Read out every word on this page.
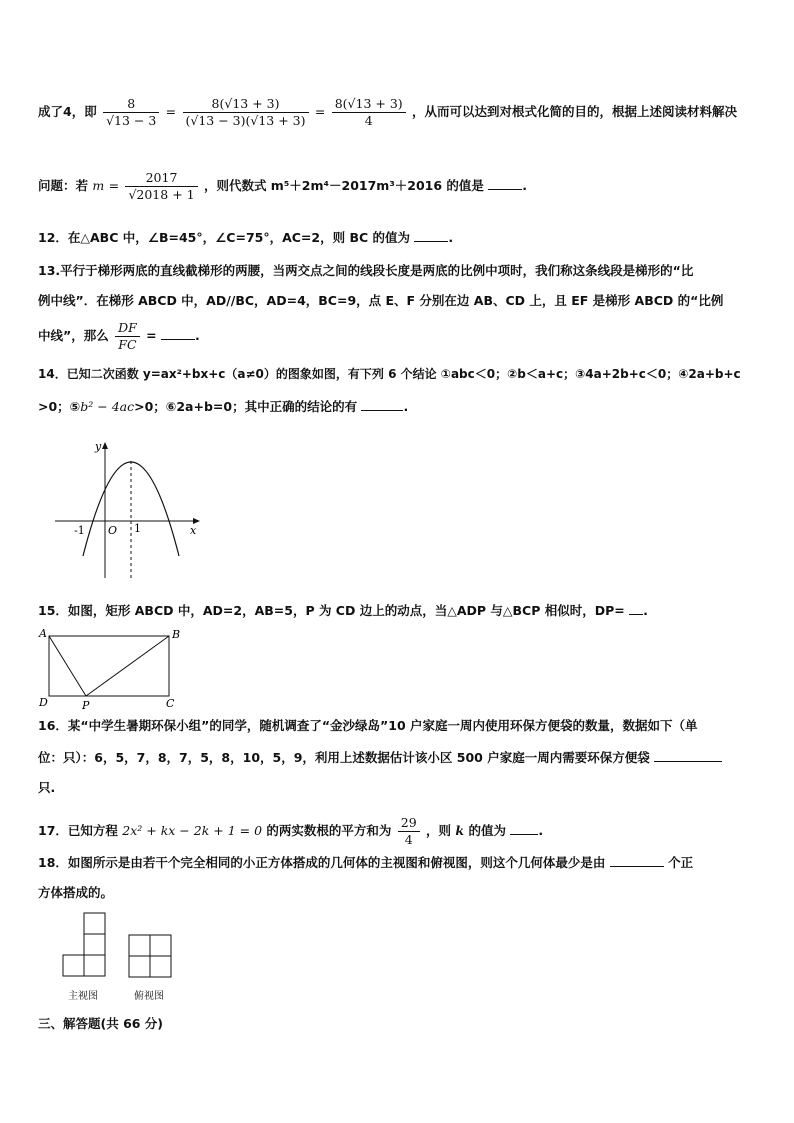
成了4，即 $\frac{8}{√13 - 3} = \frac{8(√13 + 3)}{(√13 - 3)(√13 + 3)} = \frac{8(√13 + 3)}{4}$ ，从而可以达到对根式化简的目的，根据上述阅读材料解决
问题：若 $m = \frac{2017}{√2018 + 1}$ ，则代数式 m⁵＋2m⁴－2017m³＋2016 的值是	.
12．在△ABC 中，∠B=45°，∠C=75°，AC=2，则 BC 的值为	.
13.平行于梯形两底的直线截梯形的两腰，当两交点之间的线段长度是两底的比例中项时，我们称这条线段是梯形的“比
例中线”．在梯形 ABCD 中，AD//BC，AD=4，BC=9，点 E、F 分别在边 AB、CD 上，且 EF 是梯形 ABCD 的“比例
中线”，那么 $\frac{DF}{FC}$ =	.
14．已知二次函数 y=ax²+bx+c（a≠0）的图象如图，有下列 6 个结论 ①abc＜0；②b＜a+c；③4a+2b+c＜0；④2a+b+c
>0；⑤b² − 4ac>0；⑥2a+b=0；其中正确的结论的有	.
y
x
O
-1	1
15．如图，矩形 ABCD 中，AD=2，AB=5，P 为 CD 边上的动点，当△ADP 与△BCP 相似时，DP= .
A	B
D	C
P
16．某“中学生暑期环保小组”的同学，随机调查了“金沙绿岛”10 户家庭一周内使用环保方便袋的数量，数据如下（单
位：只）：6，5，7，8，7，5，8，10，5，9，利用上述数据估计该小区 500 户家庭一周内需要环保方便袋
只.
17．已知方程 2x² + kx − 2k + 1 = 0 的两实数根的平方和为 $\frac{29}{4}$ ，则 k 的值为	.
18．如图所示是由若干个完全相同的小正方体搭成的几何体的主视图和俯视图，则这个几何体最少是由	个正
方体搭成的。
主视图	俯视图
三、解答题(共 66 分)
